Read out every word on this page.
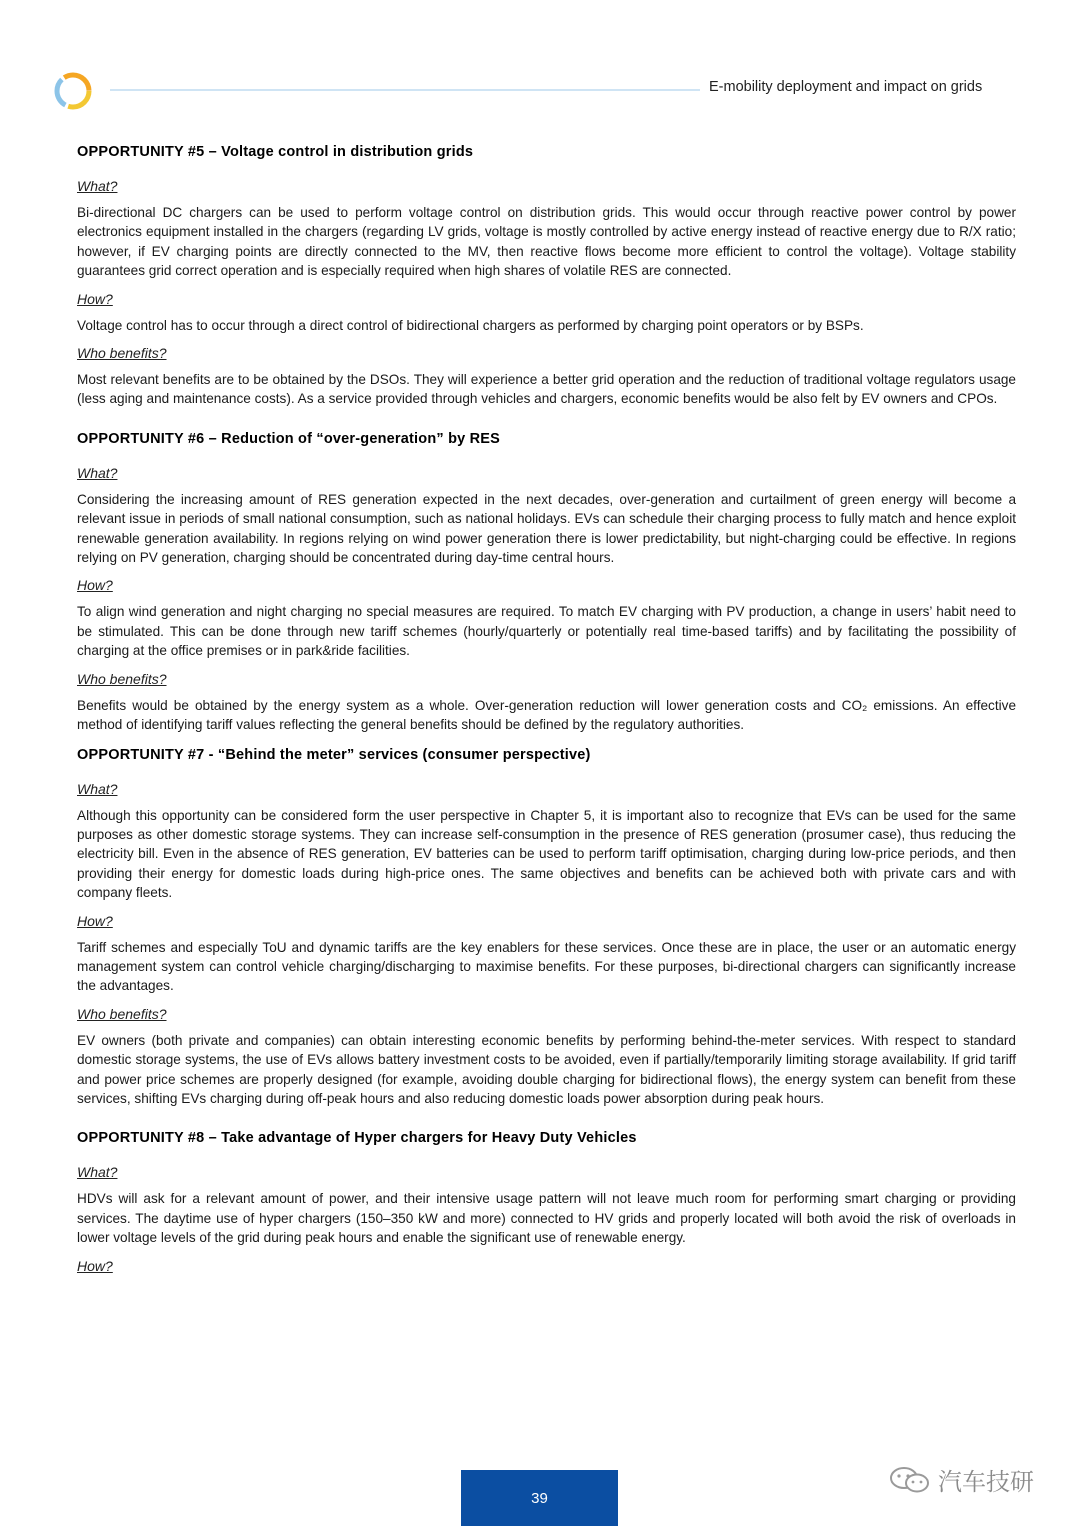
E-mobility deployment and impact on grids
OPPORTUNITY #5 – Voltage control in distribution grids

What?

Bi-directional DC chargers can be used to perform voltage control on distribution grids. This would occur through reactive power control by power electronics equipment installed in the chargers (regarding LV grids, voltage is mostly controlled by active energy instead of reactive energy due to R/X ratio; however, if EV charging points are directly connected to the MV, then reactive flows become more efficient to control the voltage). Voltage stability guarantees grid correct operation and is especially required when high shares of volatile RES are connected.

How?

Voltage control has to occur through a direct control of bidirectional chargers as performed by charging point operators or by BSPs.

Who benefits?

Most relevant benefits are to be obtained by the DSOs. They will experience a better grid operation and the reduction of traditional voltage regulators usage (less aging and maintenance costs). As a service provided through vehicles and chargers, economic benefits would be also felt by EV owners and CPOs.

OPPORTUNITY #6 – Reduction of “over-generation” by RES

What?

Considering the increasing amount of RES generation expected in the next decades, over-generation and curtailment of green energy will become a relevant issue in periods of small national consumption, such as national holidays. EVs can schedule their charging process to fully match and hence exploit renewable generation availability. In regions relying on wind power generation there is lower predictability, but night-charging could be effective. In regions relying on PV generation, charging should be concentrated during day-time central hours.

How?

To align wind generation and night charging no special measures are required. To match EV charging with PV production, a change in users’ habit need to be stimulated. This can be done through new tariff schemes (hourly/quarterly or potentially real time-based tariffs) and by facilitating the possibility of charging at the office premises or in park&ride facilities.

Who benefits?

Benefits would be obtained by the energy system as a whole. Over-generation reduction will lower generation costs and CO₂ emissions. An effective method of identifying tariff values reflecting the general benefits should be defined by the regulatory authorities.

OPPORTUNITY #7 - “Behind the meter” services (consumer perspective)

What?

Although this opportunity can be considered form the user perspective in Chapter 5, it is important also to recognize that EVs can be used for the same purposes as other domestic storage systems. They can increase self-consumption in the presence of RES generation (prosumer case), thus reducing the electricity bill. Even in the absence of RES generation, EV batteries can be used to perform tariff optimisation, charging during low-price periods, and then providing their energy for domestic loads during high-price ones. The same objectives and benefits can be achieved both with private cars and with company fleets.

How?

Tariff schemes and especially ToU and dynamic tariffs are the key enablers for these services. Once these are in place, the user or an automatic energy management system can control vehicle charging/discharging to maximise benefits. For these purposes, bi-directional chargers can significantly increase the advantages.

Who benefits?

EV owners (both private and companies) can obtain interesting economic benefits by performing behind-the-meter services. With respect to standard domestic storage systems, the use of EVs allows battery investment costs to be avoided, even if partially/temporarily limiting storage availability. If grid tariff and power price schemes are properly designed (for example, avoiding double charging for bidirectional flows), the energy system can benefit from these services, shifting EVs charging during off-peak hours and also reducing domestic loads power absorption during peak hours.

OPPORTUNITY #8 – Take advantage of Hyper chargers for Heavy Duty Vehicles

What?

HDVs will ask for a relevant amount of power, and their intensive usage pattern will not leave much room for performing smart charging or providing services. The daytime use of hyper chargers (150–350 kW and more) connected to HV grids and properly located will both avoid the risk of overloads in lower voltage levels of the grid during peak hours and enable the significant use of renewable energy.

How?

39
汽车技研
